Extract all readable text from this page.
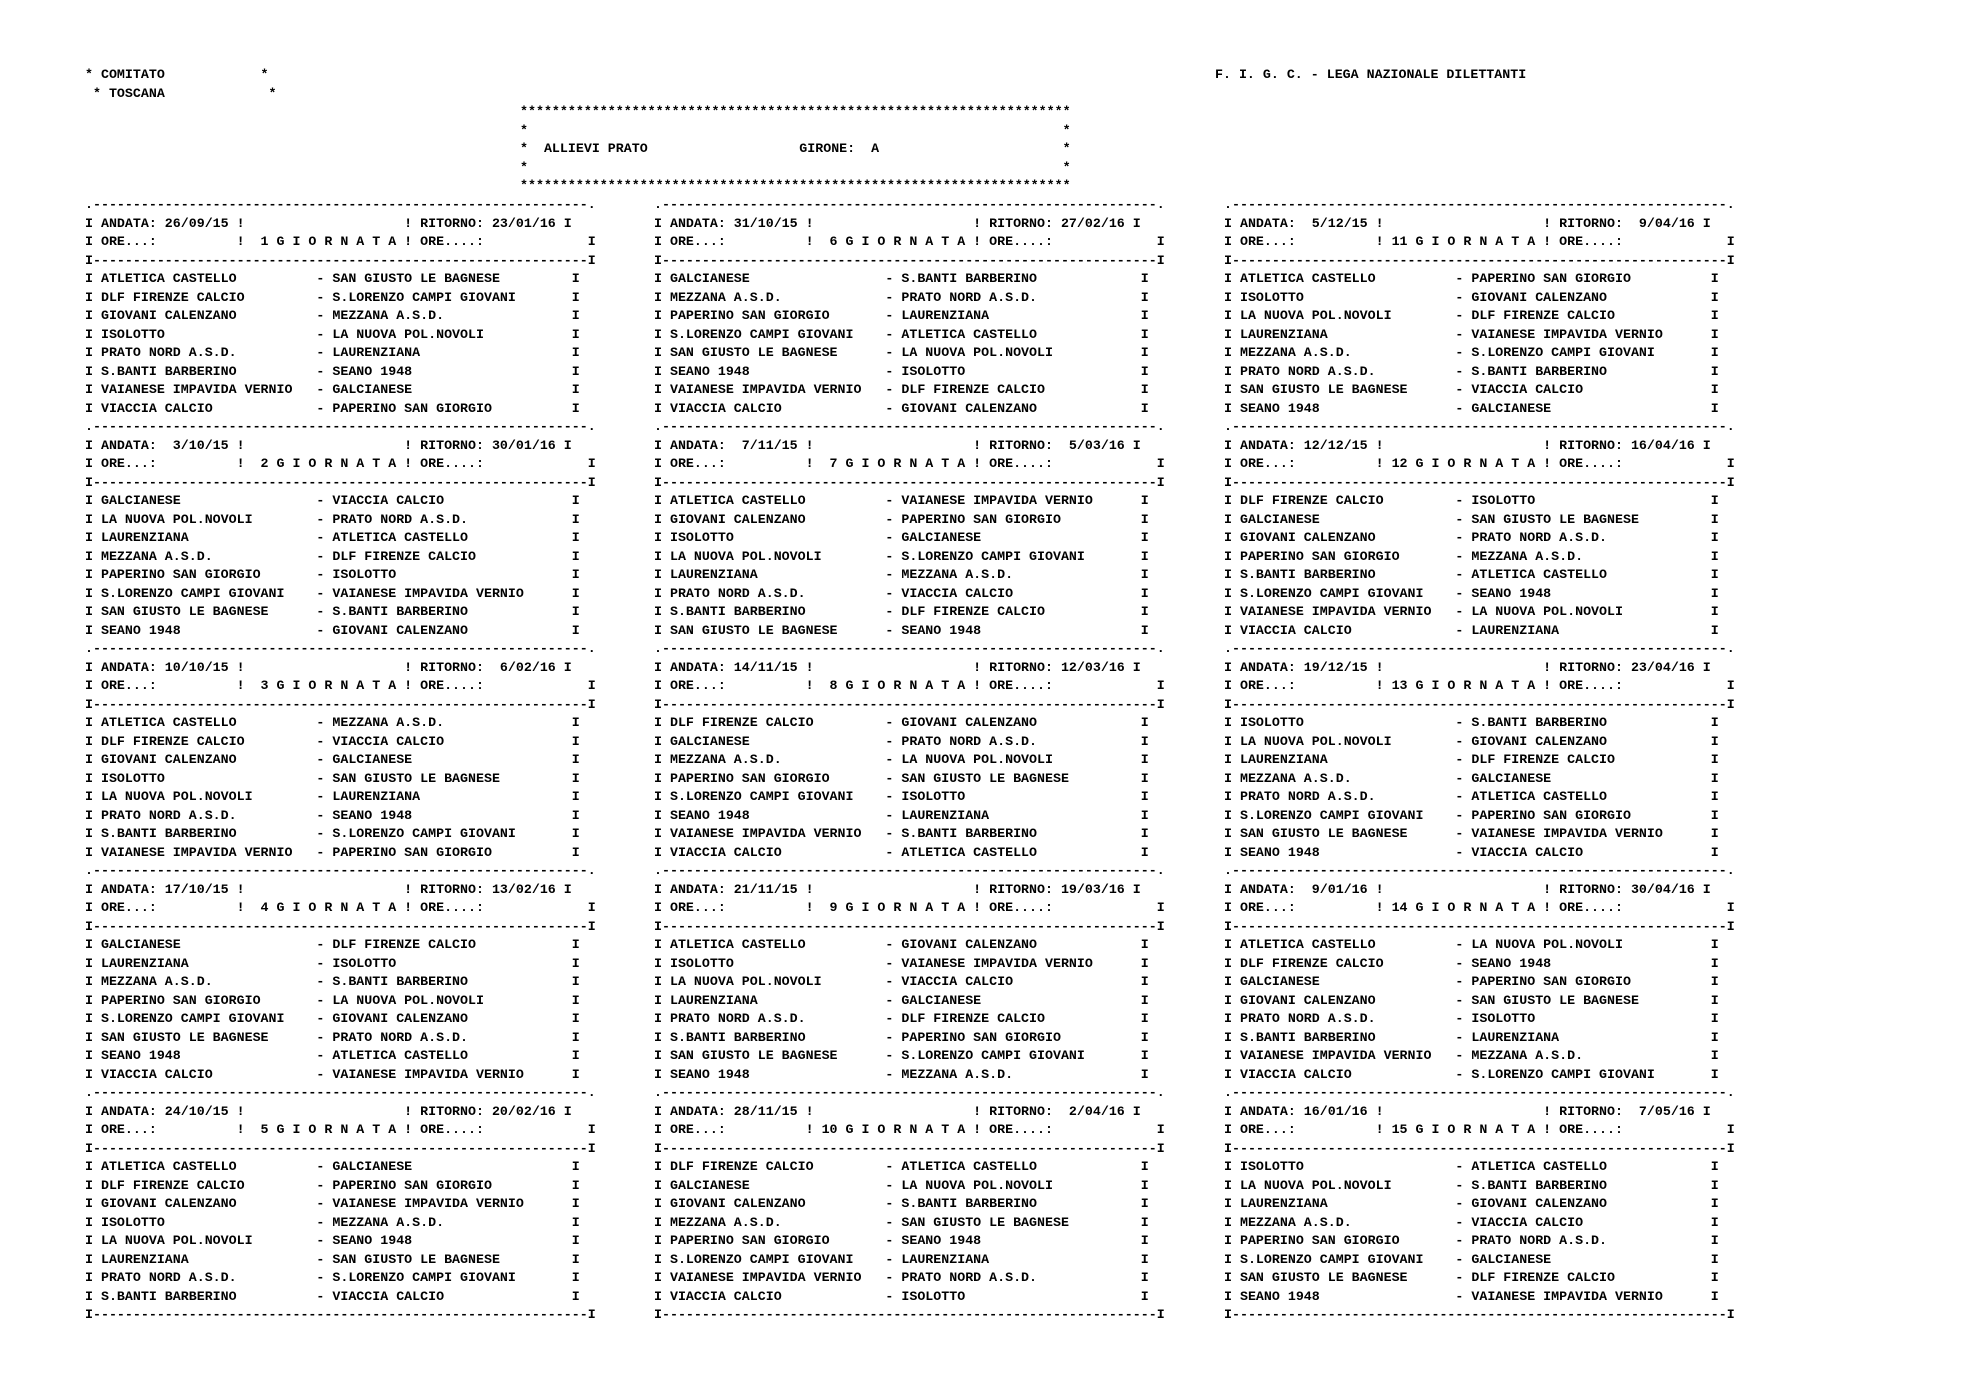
* COMITATO            *
* TOSCANA             *
F. I. G. C. - LEGA NAZIONALE DILETTANTI
*********************************************************************
*                                                                   *
*  ALLIEVI PRATO                   GIRONE:  A                       *
*                                                                   *
*********************************************************************
.--------------------------------------------------------------.
I ANDATA: 26/09/15 !                    ! RITORNO: 23/01/16 I
I ORE...:          !  1 G I O R N A T A ! ORE....:             I
I--------------------------------------------------------------I
I ATLETICA CASTELLO          - SAN GIUSTO LE BAGNESE         I
I DLF FIRENZE CALCIO         - S.LORENZO CAMPI GIOVANI       I
I GIOVANI CALENZANO          - MEZZANA A.S.D.                I
I ISOLOTTO                   - LA NUOVA POL.NOVOLI           I
I PRATO NORD A.S.D.          - LAURENZIANA                   I
I S.BANTI BARBERINO          - SEANO 1948                    I
I VAIANESE IMPAVIDA VERNIO   - GALCIANESE                    I
I VIACCIA CALCIO             - PAPERINO SAN GIORGIO          I
.--------------------------------------------------------------.
I ANDATA:  3/10/15 !                    ! RITORNO: 30/01/16 I
I ORE...:          !  2 G I O R N A T A ! ORE....:             I
I--------------------------------------------------------------I
I GALCIANESE                 - VIACCIA CALCIO                I
I LA NUOVA POL.NOVOLI        - PRATO NORD A.S.D.             I
I LAURENZIANA                - ATLETICA CASTELLO             I
I MEZZANA A.S.D.             - DLF FIRENZE CALCIO            I
I PAPERINO SAN GIORGIO       - ISOLOTTO                      I
I S.LORENZO CAMPI GIOVANI    - VAIANESE IMPAVIDA VERNIO      I
I SAN GIUSTO LE BAGNESE      - S.BANTI BARBERINO             I
I SEANO 1948                 - GIOVANI CALENZANO             I
.--------------------------------------------------------------.
I ANDATA: 10/10/15 !                    ! RITORNO:  6/02/16 I
I ORE...:          !  3 G I O R N A T A ! ORE....:             I
I--------------------------------------------------------------I
I ATLETICA CASTELLO          - MEZZANA A.S.D.                I
I DLF FIRENZE CALCIO         - VIACCIA CALCIO                I
I GIOVANI CALENZANO          - GALCIANESE                    I
I ISOLOTTO                   - SAN GIUSTO LE BAGNESE         I
I LA NUOVA POL.NOVOLI        - LAURENZIANA                   I
I PRATO NORD A.S.D.          - SEANO 1948                    I
I S.BANTI BARBERINO          - S.LORENZO CAMPI GIOVANI       I
I VAIANESE IMPAVIDA VERNIO   - PAPERINO SAN GIORGIO          I
.--------------------------------------------------------------.
I ANDATA: 17/10/15 !                    ! RITORNO: 13/02/16 I
I ORE...:          !  4 G I O R N A T A ! ORE....:             I
I--------------------------------------------------------------I
I GALCIANESE                 - DLF FIRENZE CALCIO            I
I LAURENZIANA                - ISOLOTTO                      I
I MEZZANA A.S.D.             - S.BANTI BARBERINO             I
I PAPERINO SAN GIORGIO       - LA NUOVA POL.NOVOLI           I
I S.LORENZO CAMPI GIOVANI    - GIOVANI CALENZANO             I
I SAN GIUSTO LE BAGNESE      - PRATO NORD A.S.D.             I
I SEANO 1948                 - ATLETICA CASTELLO             I
I VIACCIA CALCIO             - VAIANESE IMPAVIDA VERNIO      I
.--------------------------------------------------------------.
I ANDATA: 24/10/15 !                    ! RITORNO: 20/02/16 I
I ORE...:          !  5 G I O R N A T A ! ORE....:             I
I--------------------------------------------------------------I
I ATLETICA CASTELLO          - GALCIANESE                    I
I DLF FIRENZE CALCIO         - PAPERINO SAN GIORGIO          I
I GIOVANI CALENZANO          - VAIANESE IMPAVIDA VERNIO      I
I ISOLOTTO                   - MEZZANA A.S.D.                I
I LA NUOVA POL.NOVOLI        - SEANO 1948                    I
I LAURENZIANA                - SAN GIUSTO LE BAGNESE         I
I PRATO NORD A.S.D.          - S.LORENZO CAMPI GIOVANI       I
I S.BANTI BARBERINO          - VIACCIA CALCIO                I
I--------------------------------------------------------------I
.--------------------------------------------------------------.
I ANDATA: 31/10/15 !                    ! RITORNO: 27/02/16 I
I ORE...:          !  6 G I O R N A T A ! ORE....:             I
I--------------------------------------------------------------I
I GALCIANESE                 - S.BANTI BARBERINO             I
I MEZZANA A.S.D.             - PRATO NORD A.S.D.             I
I PAPERINO SAN GIORGIO       - LAURENZIANA                   I
I S.LORENZO CAMPI GIOVANI    - ATLETICA CASTELLO             I
I SAN GIUSTO LE BAGNESE      - LA NUOVA POL.NOVOLI           I
I SEANO 1948                 - ISOLOTTO                      I
I VAIANESE IMPAVIDA VERNIO   - DLF FIRENZE CALCIO            I
I VIACCIA CALCIO             - GIOVANI CALENZANO             I
.--------------------------------------------------------------.
I ANDATA:  7/11/15 !                    ! RITORNO:  5/03/16 I
I ORE...:          !  7 G I O R N A T A ! ORE....:             I
I--------------------------------------------------------------I
I ATLETICA CASTELLO          - VAIANESE IMPAVIDA VERNIO      I
I GIOVANI CALENZANO          - PAPERINO SAN GIORGIO          I
I ISOLOTTO                   - GALCIANESE                    I
I LA NUOVA POL.NOVOLI        - S.LORENZO CAMPI GIOVANI       I
I LAURENZIANA                - MEZZANA A.S.D.                I
I PRATO NORD A.S.D.          - VIACCIA CALCIO                I
I S.BANTI BARBERINO          - DLF FIRENZE CALCIO            I
I SAN GIUSTO LE BAGNESE      - SEANO 1948                    I
.--------------------------------------------------------------.
I ANDATA: 14/11/15 !                    ! RITORNO: 12/03/16 I
I ORE...:          !  8 G I O R N A T A ! ORE....:             I
I--------------------------------------------------------------I
I DLF FIRENZE CALCIO         - GIOVANI CALENZANO             I
I GALCIANESE                 - PRATO NORD A.S.D.             I
I MEZZANA A.S.D.             - LA NUOVA POL.NOVOLI           I
I PAPERINO SAN GIORGIO       - SAN GIUSTO LE BAGNESE         I
I S.LORENZO CAMPI GIOVANI    - ISOLOTTO                      I
I SEANO 1948                 - LAURENZIANA                   I
I VAIANESE IMPAVIDA VERNIO   - S.BANTI BARBERINO             I
I VIACCIA CALCIO             - ATLETICA CASTELLO             I
.--------------------------------------------------------------.
I ANDATA: 21/11/15 !                    ! RITORNO: 19/03/16 I
I ORE...:          !  9 G I O R N A T A ! ORE....:             I
I--------------------------------------------------------------I
I ATLETICA CASTELLO          - GIOVANI CALENZANO             I
I ISOLOTTO                   - VAIANESE IMPAVIDA VERNIO      I
I LA NUOVA POL.NOVOLI        - VIACCIA CALCIO                I
I LAURENZIANA                - GALCIANESE                    I
I PRATO NORD A.S.D.          - DLF FIRENZE CALCIO            I
I S.BANTI BARBERINO          - PAPERINO SAN GIORGIO          I
I SAN GIUSTO LE BAGNESE      - S.LORENZO CAMPI GIOVANI       I
I SEANO 1948                 - MEZZANA A.S.D.                I
.--------------------------------------------------------------.
I ANDATA: 28/11/15 !                    ! RITORNO:  2/04/16 I
I ORE...:          ! 10 G I O R N A T A ! ORE....:             I
I--------------------------------------------------------------I
I DLF FIRENZE CALCIO         - ATLETICA CASTELLO             I
I GALCIANESE                 - LA NUOVA POL.NOVOLI           I
I GIOVANI CALENZANO          - S.BANTI BARBERINO             I
I MEZZANA A.S.D.             - SAN GIUSTO LE BAGNESE         I
I PAPERINO SAN GIORGIO       - SEANO 1948                    I
I S.LORENZO CAMPI GIOVANI    - LAURENZIANA                   I
I VAIANESE IMPAVIDA VERNIO   - PRATO NORD A.S.D.             I
I VIACCIA CALCIO             - ISOLOTTO                      I
I--------------------------------------------------------------I
.--------------------------------------------------------------.
I ANDATA:  5/12/15 !                    ! RITORNO:  9/04/16 I
I ORE...:          ! 11 G I O R N A T A ! ORE....:             I
I--------------------------------------------------------------I
I ATLETICA CASTELLO          - PAPERINO SAN GIORGIO          I
I ISOLOTTO                   - GIOVANI CALENZANO             I
I LA NUOVA POL.NOVOLI        - DLF FIRENZE CALCIO            I
I LAURENZIANA                - VAIANESE IMPAVIDA VERNIO      I
I MEZZANA A.S.D.             - S.LORENZO CAMPI GIOVANI       I
I PRATO NORD A.S.D.          - S.BANTI BARBERINO             I
I SAN GIUSTO LE BAGNESE      - VIACCIA CALCIO                I
I SEANO 1948                 - GALCIANESE                    I
.--------------------------------------------------------------.
I ANDATA: 12/12/15 !                    ! RITORNO: 16/04/16 I
I ORE...:          ! 12 G I O R N A T A ! ORE....:             I
I--------------------------------------------------------------I
I DLF FIRENZE CALCIO         - ISOLOTTO                      I
I GALCIANESE                 - SAN GIUSTO LE BAGNESE         I
I GIOVANI CALENZANO          - PRATO NORD A.S.D.             I
I PAPERINO SAN GIORGIO       - MEZZANA A.S.D.                I
I S.BANTI BARBERINO          - ATLETICA CASTELLO             I
I S.LORENZO CAMPI GIOVANI    - SEANO 1948                    I
I VAIANESE IMPAVIDA VERNIO   - LA NUOVA POL.NOVOLI           I
I VIACCIA CALCIO             - LAURENZIANA                   I
.--------------------------------------------------------------.
I ANDATA: 19/12/15 !                    ! RITORNO: 23/04/16 I
I ORE...:          ! 13 G I O R N A T A ! ORE....:             I
I--------------------------------------------------------------I
I ISOLOTTO                   - S.BANTI BARBERINO             I
I LA NUOVA POL.NOVOLI        - GIOVANI CALENZANO             I
I LAURENZIANA                - DLF FIRENZE CALCIO            I
I MEZZANA A.S.D.             - GALCIANESE                    I
I PRATO NORD A.S.D.          - ATLETICA CASTELLO             I
I S.LORENZO CAMPI GIOVANI    - PAPERINO SAN GIORGIO          I
I SAN GIUSTO LE BAGNESE      - VAIANESE IMPAVIDA VERNIO      I
I SEANO 1948                 - VIACCIA CALCIO                I
.--------------------------------------------------------------.
I ANDATA:  9/01/16 !                    ! RITORNO: 30/04/16 I
I ORE...:          ! 14 G I O R N A T A ! ORE....:             I
I--------------------------------------------------------------I
I ATLETICA CASTELLO          - LA NUOVA POL.NOVOLI           I
I DLF FIRENZE CALCIO         - SEANO 1948                    I
I GALCIANESE                 - PAPERINO SAN GIORGIO          I
I GIOVANI CALENZANO          - SAN GIUSTO LE BAGNESE         I
I PRATO NORD A.S.D.          - ISOLOTTO                      I
I S.BANTI BARBERINO          - LAURENZIANA                   I
I VAIANESE IMPAVIDA VERNIO   - MEZZANA A.S.D.                I
I VIACCIA CALCIO             - S.LORENZO CAMPI GIOVANI       I
.--------------------------------------------------------------.
I ANDATA: 16/01/16 !                    ! RITORNO:  7/05/16 I
I ORE...:          ! 15 G I O R N A T A ! ORE....:             I
I--------------------------------------------------------------I
I ISOLOTTO                   - ATLETICA CASTELLO             I
I LA NUOVA POL.NOVOLI        - S.BANTI BARBERINO             I
I LAURENZIANA                - GIOVANI CALENZANO             I
I MEZZANA A.S.D.             - VIACCIA CALCIO                I
I PAPERINO SAN GIORGIO       - PRATO NORD A.S.D.             I
I S.LORENZO CAMPI GIOVANI    - GALCIANESE                    I
I SAN GIUSTO LE BAGNESE      - DLF FIRENZE CALCIO            I
I SEANO 1948                 - VAIANESE IMPAVIDA VERNIO      I
I--------------------------------------------------------------I
